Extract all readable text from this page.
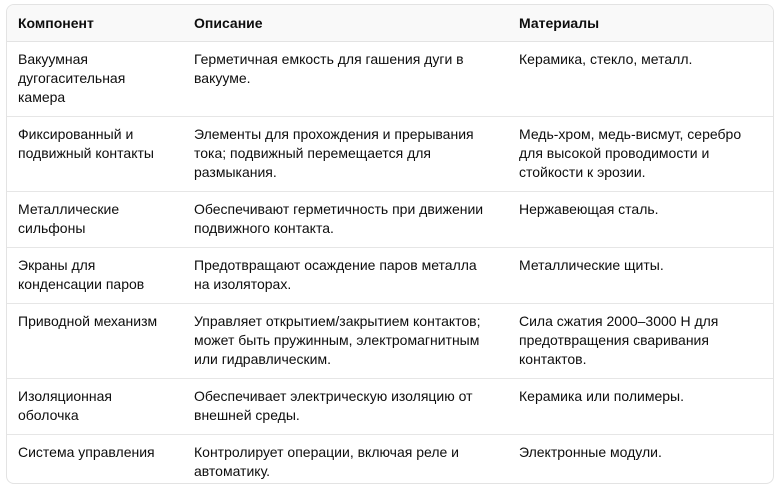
Компонент	Описание	Материалы
Вакуумная дугогасительная камера	Герметичная емкость для гашения дуги в вакууме.	Керамика, стекло, металл.
Фиксированный и подвижный контакты	Элементы для прохождения и прерывания тока; подвижный перемещается для размыкания.	Медь-хром, медь-висмут, серебро для высокой проводимости и стойкости к эрозии.
Металлические сильфоны	Обеспечивают герметичность при движении подвижного контакта.	Нержавеющая сталь.
Экраны для конденсации паров	Предотвращают осаждение паров металла на изоляторах.	Металлические щиты.
Приводной механизм	Управляет открытием/закрытием контактов; может быть пружинным, электромагнитным или гидравлическим.	Сила сжатия 2000–3000 Н для предотвращения сваривания контактов.
Изоляционная оболочка	Обеспечивает электрическую изоляцию от внешней среды.	Керамика или полимеры.
Система управления	Контролирует операции, включая реле и автоматику.	Электронные модули.
